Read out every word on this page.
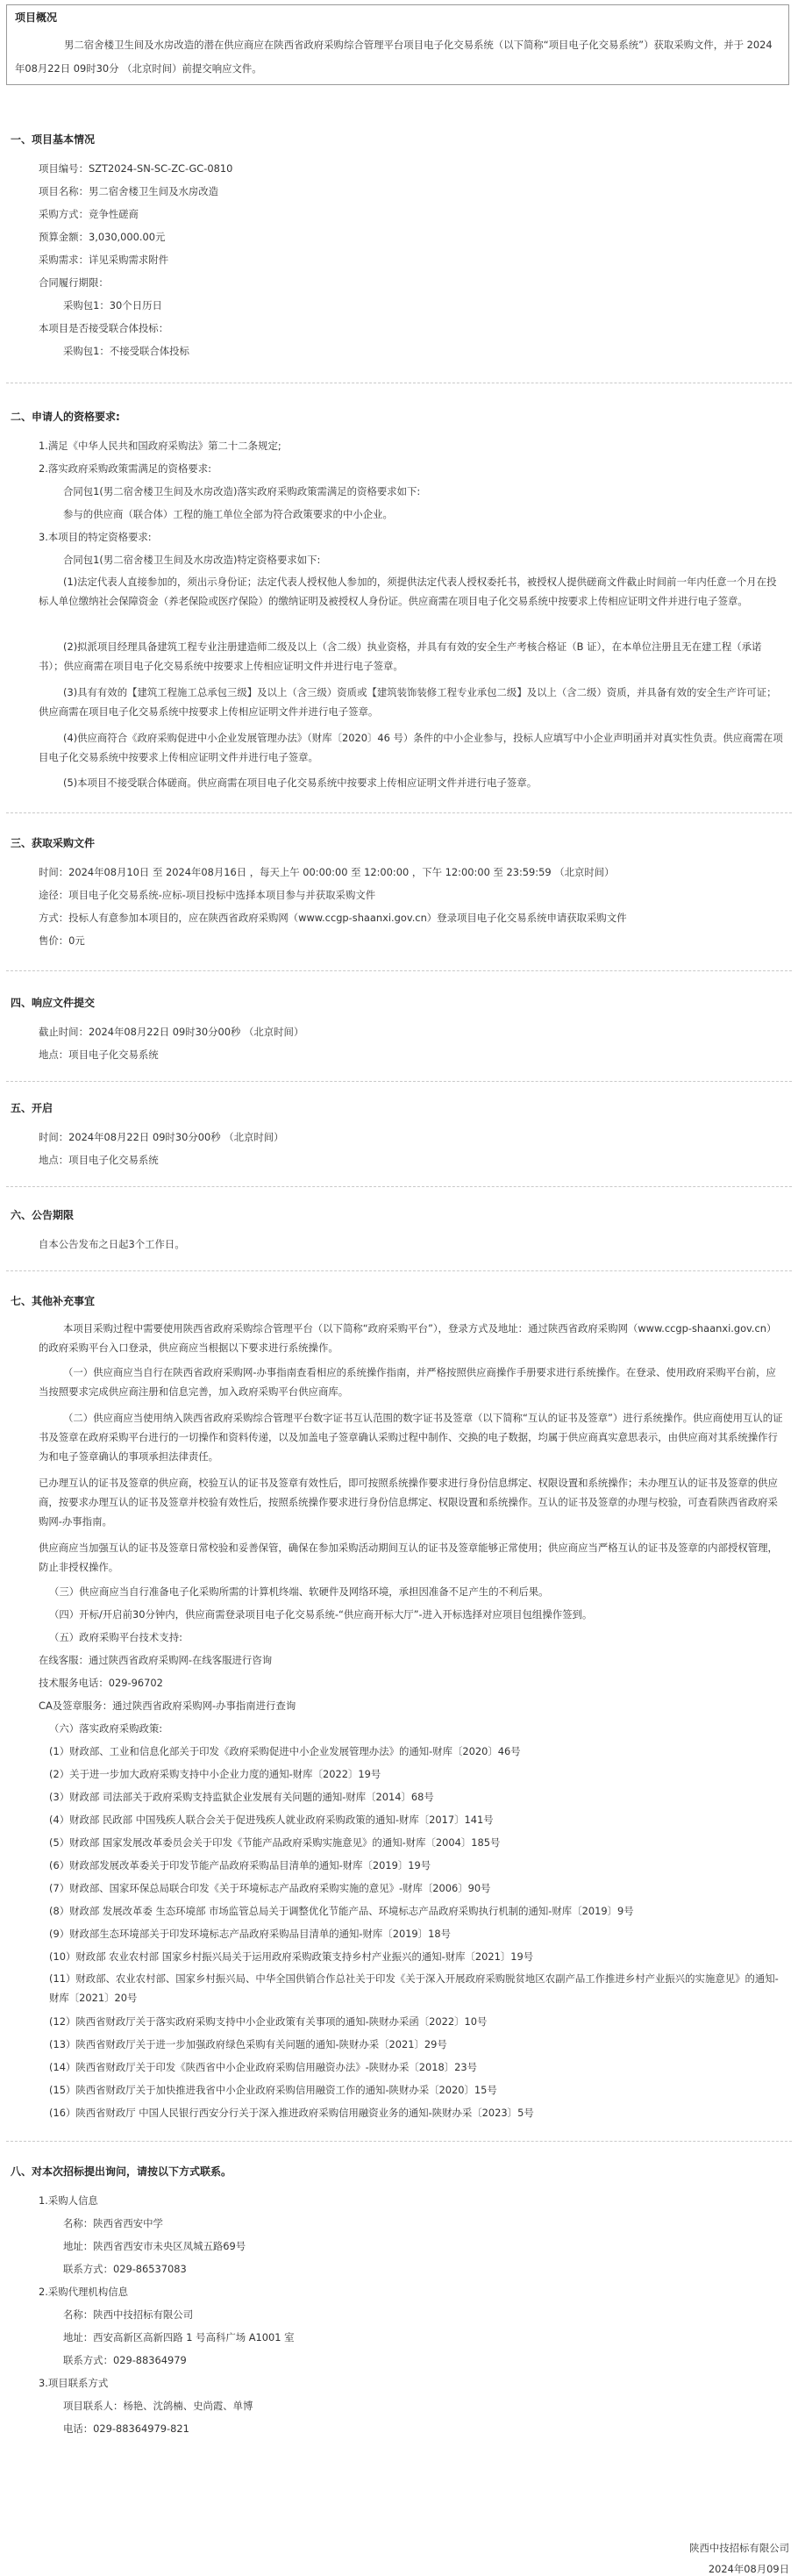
项目概况
男二宿舍楼卫生间及水房改造的潜在供应商应在陕西省政府采购综合管理平台项目电子化交易系统（以下简称“项目电子化交易系统”）获取采购文件，并于 2024年08月22日 09时30分 （北京时间）前提交响应文件。
一、项目基本情况
项目编号：SZT2024-SN-SC-ZC-GC-0810
项目名称：男二宿舍楼卫生间及水房改造
采购方式：竞争性磋商
预算金额：3,030,000.00元
采购需求：详见采购需求附件
合同履行期限：
采购包1：30个日历日
本项目是否接受联合体投标：
采购包1：不接受联合体投标
二、申请人的资格要求:
1.满足《中华人民共和国政府采购法》第二十二条规定;
2.落实政府采购政策需满足的资格要求:
合同包1(男二宿舍楼卫生间及水房改造)落实政府采购政策需满足的资格要求如下:
参与的供应商（联合体）工程的施工单位全部为符合政策要求的中小企业。
3.本项目的特定资格要求:
合同包1(男二宿舍楼卫生间及水房改造)特定资格要求如下:
(1)法定代表人直接参加的，须出示身份证；法定代表人授权他人参加的，须提供法定代表人授权委托书，被授权人提供磋商文件截止时间前一年内任意一个月在投标人单位缴纳社会保障资金（养老保险或医疗保险）的缴纳证明及被授权人身份证。供应商需在项目电子化交易系统中按要求上传相应证明文件并进行电子签章。
(2)拟派项目经理具备建筑工程专业注册建造师二级及以上（含二级）执业资格，并具有有效的安全生产考核合格证（B 证），在本单位注册且无在建工程（承诺书）；供应商需在项目电子化交易系统中按要求上传相应证明文件并进行电子签章。
(3)具有有效的【建筑工程施工总承包三级】及以上（含三级）资质或【建筑装饰装修工程专业承包二级】及以上（含二级）资质，并具备有效的安全生产许可证；供应商需在项目电子化交易系统中按要求上传相应证明文件并进行电子签章。
(4)供应商符合《政府采购促进中小企业发展管理办法》（财库〔2020〕46 号）条件的中小企业参与，投标人应填写中小企业声明函并对真实性负责。供应商需在项目电子化交易系统中按要求上传相应证明文件并进行电子签章。
(5)本项目不接受联合体磋商。供应商需在项目电子化交易系统中按要求上传相应证明文件并进行电子签章。
三、获取采购文件
时间：2024年08月10日 至 2024年08月16日 ，每天上午 00:00:00 至 12:00:00 ，下午 12:00:00 至 23:59:59 （北京时间）
途径：项目电子化交易系统-应标-项目投标中选择本项目参与并获取采购文件
方式：投标人有意参加本项目的，应在陕西省政府采购网（www.ccgp-shaanxi.gov.cn）登录项目电子化交易系统申请获取采购文件
售价：0元
四、响应文件提交
截止时间：2024年08月22日 09时30分00秒 （北京时间）
地点：项目电子化交易系统
五、开启
时间：2024年08月22日 09时30分00秒 （北京时间）
地点：项目电子化交易系统
六、公告期限
自本公告发布之日起3个工作日。
七、其他补充事宜
本项目采购过程中需要使用陕西省政府采购综合管理平台（以下简称“政府采购平台”），登录方式及地址：通过陕西省政府采购网（www.ccgp-shaanxi.gov.cn）的政府采购平台入口登录，供应商应当根据以下要求进行系统操作。
（一）供应商应当自行在陕西省政府采购网-办事指南查看相应的系统操作指南，并严格按照供应商操作手册要求进行系统操作。在登录、使用政府采购平台前，应当按照要求完成供应商注册和信息完善，加入政府采购平台供应商库。
（二）供应商应当使用纳入陕西省政府采购综合管理平台数字证书互认范围的数字证书及签章（以下简称“互认的证书及签章”）进行系统操作。供应商使用互认的证书及签章在政府采购平台进行的一切操作和资料传递，以及加盖电子签章确认采购过程中制作、交换的电子数据，均属于供应商真实意思表示，由供应商对其系统操作行为和电子签章确认的事项承担法律责任。
已办理互认的证书及签章的供应商，校验互认的证书及签章有效性后，即可按照系统操作要求进行身份信息绑定、权限设置和系统操作；未办理互认的证书及签章的供应商，按要求办理互认的证书及签章并校验有效性后，按照系统操作要求进行身份信息绑定、权限设置和系统操作。互认的证书及签章的办理与校验，可查看陕西省政府采购网-办事指南。
供应商应当加强互认的证书及签章日常校验和妥善保管，确保在参加采购活动期间互认的证书及签章能够正常使用；供应商应当严格互认的证书及签章的内部授权管理，防止非授权操作。
（三）供应商应当自行准备电子化采购所需的计算机终端、软硬件及网络环境，承担因准备不足产生的不利后果。
（四）开标/开启前30分钟内，供应商需登录项目电子化交易系统-“供应商开标大厅”-进入开标选择对应项目包组操作签到。
（五）政府采购平台技术支持:
在线客服：通过陕西省政府采购网-在线客服进行咨询
技术服务电话：029-96702
CA及签章服务：通过陕西省政府采购网-办事指南进行查询
（六）落实政府采购政策:
(1）财政部、工业和信息化部关于印发《政府采购促进中小企业发展管理办法》的通知-财库〔2020〕46号
(2）关于进一步加大政府采购支持中小企业力度的通知-财库〔2022〕19号
(3）财政部 司法部关于政府采购支持监狱企业发展有关问题的通知-财库〔2014〕68号
(4）财政部 民政部 中国残疾人联合会关于促进残疾人就业政府采购政策的通知-财库〔2017〕141号
(5）财政部 国家发展改革委员会关于印发《节能产品政府采购实施意见》的通知-财库〔2004〕185号
(6）财政部发展改革委关于印发节能产品政府采购品目清单的通知-财库〔2019〕19号
(7）财政部、国家环保总局联合印发《关于环境标志产品政府采购实施的意见》-财库〔2006〕90号
(8）财政部 发展改革委 生态环境部 市场监管总局关于调整优化节能产品、环境标志产品政府采购执行机制的通知-财库〔2019〕9号
(9）财政部生态环境部关于印发环境标志产品政府采购品目清单的通知-财库〔2019〕18号
(10）财政部 农业农村部 国家乡村振兴局关于运用政府采购政策支持乡村产业振兴的通知-财库〔2021〕19号
(11）财政部、农业农村部、国家乡村振兴局、中华全国供销合作总社关于印发《关于深入开展政府采购脱贫地区农副产品工作推进乡村产业振兴的实施意见》的通知-财库〔2021〕20号
(12）陕西省财政厅关于落实政府采购支持中小企业政策有关事项的通知-陕财办采函〔2022〕10号
(13）陕西省财政厅关于进一步加强政府绿色采购有关问题的通知-陕财办采〔2021〕29号
(14）陕西省财政厅关于印发《陕西省中小企业政府采购信用融资办法》-陕财办采〔2018〕23号
(15）陕西省财政厅关于加快推进我省中小企业政府采购信用融资工作的通知-陕财办采〔2020〕15号
(16）陕西省财政厅 中国人民银行西安分行关于深入推进政府采购信用融资业务的通知-陕财办采〔2023〕5号
八、对本次招标提出询问，请按以下方式联系。
1.采购人信息
名称：陕西省西安中学
地址：陕西省西安市未央区凤城五路69号
联系方式：029-86537083
2.采购代理机构信息
名称：陕西中技招标有限公司
地址：西安高新区高新四路 1 号高科广场 A1001 室
联系方式：029-88364979
3.项目联系方式
项目联系人：杨艳、沈鸽楠、史尚霞、单博
电话：029-88364979-821
陕西中技招标有限公司
2024年08月09日
